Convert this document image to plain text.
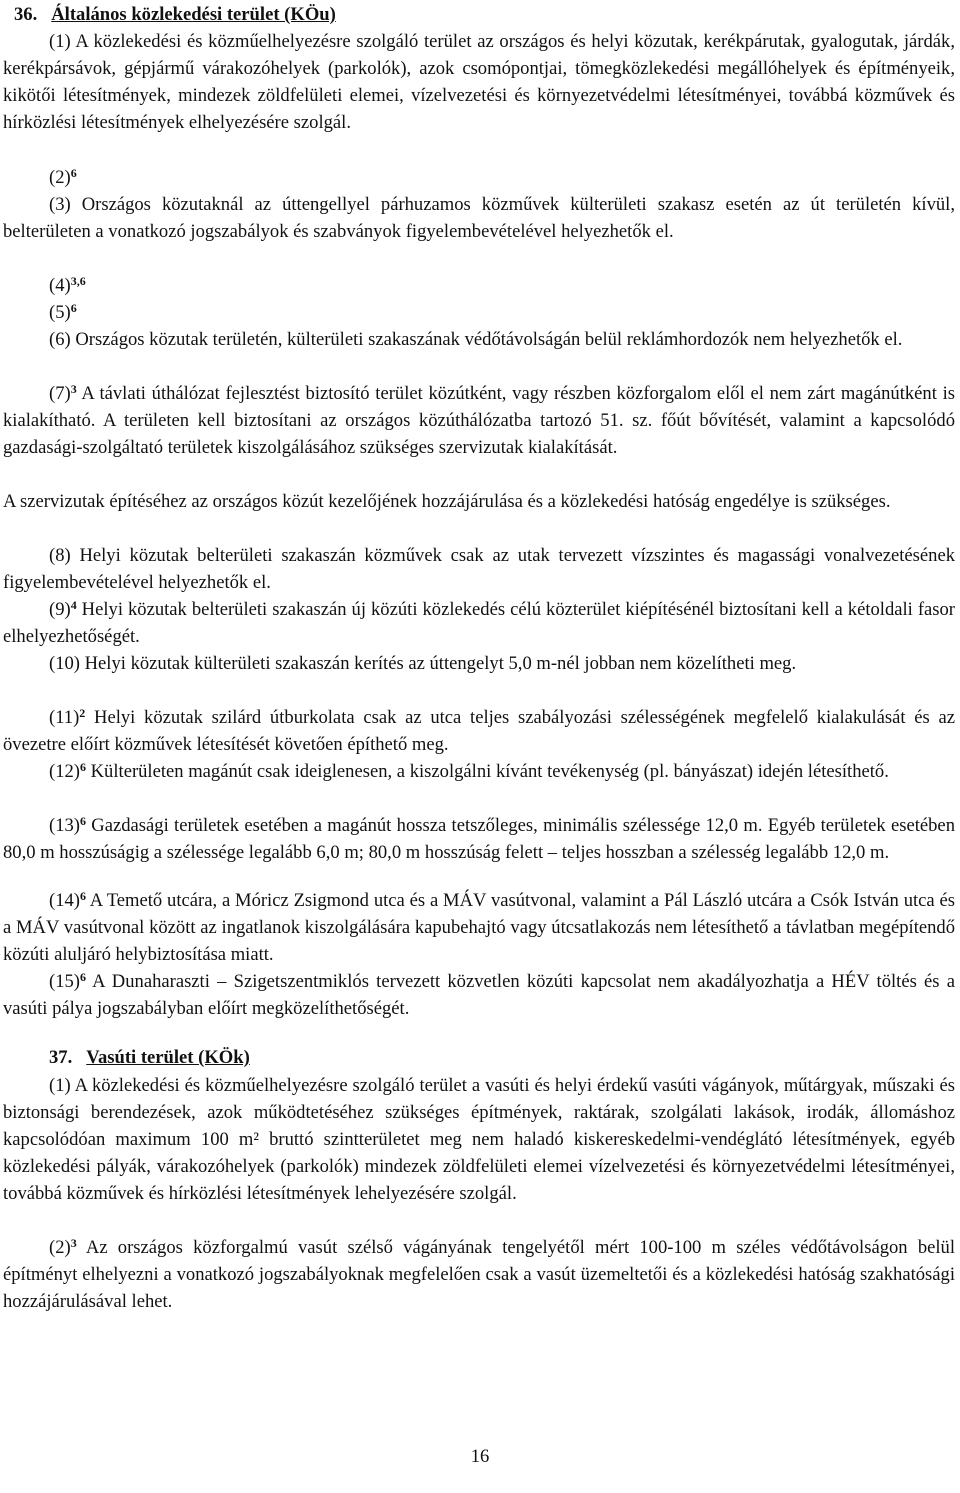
36. Általános közlekedési terület (KÖu)

(1) A közlekedési és közműelhelyezésre szolgáló terület az országos és helyi közutak, kerékpárutak, gyalogutak, járdák, kerékpársávok, gépjármű várakozóhelyek (parkolók), azok csomópontjai, tömegközlekedési megállóhelyek és építményeik, kikötői létesítmények, mindezek zöldfelületi elemei, vízelvezetési és környezetvédelmi létesítményei, továbbá közművek és hírközlési létesítmények elhelyezésére szolgál.

$(2)^6$

(3) Országos közutaknál az úttengellyel párhuzamos közművek külterületi szakasz esetén az út területén kívül, belterületen a vonatkozó jogszabályok és szabványok figyelembevételével helyezhetők el.

$(4)^{3,6}$

$(5)^6$

(6) Országos közutak területén, külterületi szakaszának védőtávolságán belül reklámhordozók nem helyezhetők el.

$(7)^3$ A távlati úthálózat fejlesztést biztosító terület közútként, vagy részben közforgalom elől el nem zárt magánútként is kialakítható. A területen kell biztosítani az országos közúthálózatba tartozó 51. sz. főút bővítését, valamint a kapcsolódó gazdasági-szolgáltató területek kiszolgálásához szükséges szervizutak kialakítását.

A szervizutak építéséhez az országos közút kezelőjének hozzájárulása és a közlekedési hatóság engedélye is szükséges.

(8) Helyi közutak belterületi szakaszán közművek csak az utak tervezett vízszintes és magassági vonalvezetésének figyelembevételével helyezhetők el.

$(9)^4$ Helyi közutak belterületi szakaszán új közúti közlekedés célú közterület kiépítésénél biztosítani kell a kétoldali fasor elhelyezhetőségét.

(10) Helyi közutak külterületi szakaszán kerítés az úttengelyt 5,0 m-nél jobban nem közelítheti meg.

$(11)^2$ Helyi közutak szilárd útburkolata csak az utca teljes szabályozási szélességének megfelelő kialakulását és az övezetre előírt közművek létesítését követően építhető meg.

$(12)^6$ Külterületen magánút csak ideiglenesen, a kiszolgálni kívánt tevékenység (pl. bányászat) idején létesíthető.

$(13)^6$ Gazdasági területek esetében a magánút hossza tetszőleges, minimális szélessége 12,0 m. Egyéb területek esetében 80,0 m hosszúságig a szélessége legalább 6,0 m; 80,0 m hosszúság felett – teljes hosszban a szélesség legalább 12,0 m.

$(14)^6$ A Temető utcára, a Móricz Zsigmond utca és a MÁV vasútvonal, valamint a Pál László utcára a Csók István utca és a MÁV vasútvonal között az ingatlanok kiszolgálására kapubehajtó vagy útcsatlakozás nem létesíthető a távlatban megépítendő közúti aluljáró helybiztosítása miatt.

$(15)^6$ A Dunaharaszti – Szigetszentmiklós tervezett közvetlen közúti kapcsolat nem akadályozhatja a HÉV töltés és a vasúti pálya jogszabályban előírt megközelíthetőségét.

37. Vasúti terület (KÖk)

(1) A közlekedési és közműelhelyezésre szolgáló terület a vasúti és helyi érdekű vasúti vágányok, műtárgyak, műszaki és biztonsági berendezések, azok működtetéséhez szükséges építmények, raktárak, szolgálati lakások, irodák, állomáshoz kapcsolódóan maximum 100 m² bruttó szintterületet meg nem haladó kiskereskedelmi-vendéglátó létesítmények, egyéb közlekedési pályák, várakozóhelyek (parkolók) mindezek zöldfelületi elemei vízelvezetési és környezetvédelmi létesítményei, továbbá közművek és hírközlési létesítmények lehelyezésére szolgál.

$(2)^3$ Az országos közforgalmú vasút szélső vágányának tengelyétől mért 100-100 m széles védőtávolságon belül építményt elhelyezni a vonatkozó jogszabályoknak megfelelően csak a vasút üzemeltetői és a közlekedési hatóság szakhatósági hozzájárulásával lehet.

16
